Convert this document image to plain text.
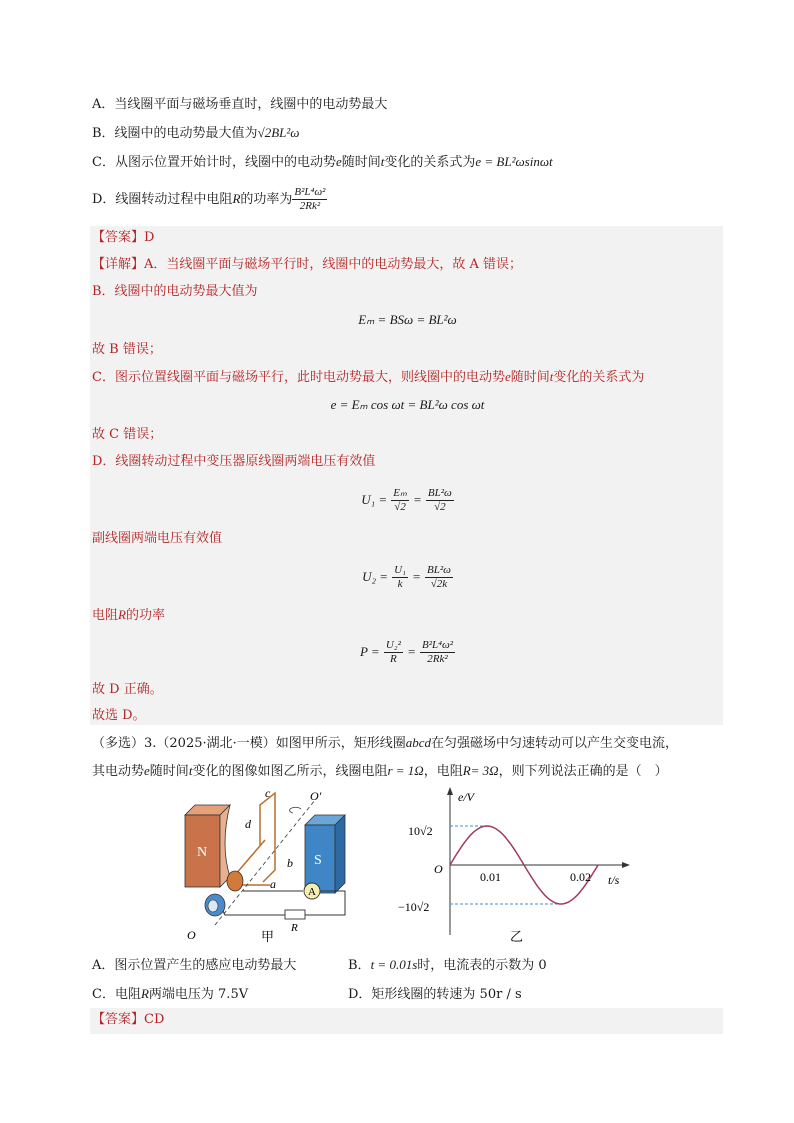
A．当线圈平面与磁场垂直时，线圈中的电动势最大
B．线圈中的电动势最大值为√2BL²ω
C．从图示位置开始计时，线圈中的电动势e随时间t变化的关系式为e = BL²ωsinωt
D．线圈转动过程中电阻R的功率为 $\frac{\text{B²L⁴ω²}}{\text{2Rk²}}$
【答案】D
【详解】A．当线圈平面与磁场平行时，线圈中的电动势最大，故 A 错误；
B．线圈中的电动势最大值为
Eₘ = BSω = BL²ω
故 B 错误；
C．图示位置线圈平面与磁场平行，此时电动势最大，则线圈中的电动势e随时间t变化的关系式为
e = Eₘ cos ωt = BL²ω cos ωt
故 C 错误；
D．线圈转动过程中变压器原线圈两端电压有效值
$U_1 = \frac{\text{Eₘ}}{√2} = \frac{\text{BL²ω}}{√2}$
副线圈两端电压有效值
$U_2 = \frac{\text{U₁}}{k} = \frac{\text{BL²ω}}{√2k}$
电阻R的功率
$P = \frac{\text{U₂²}}{R} = \frac{\text{B²L⁴ω²}}{\text{2Rk²}}$
故 D 正确。
故选 D。
（多选）3.（2025·湖北·一模）如图甲所示，矩形线圈abcd在匀强磁场中匀速转动可以产生交变电流，
其电动势e随时间t变化的图像如图乙所示，线圈电阻r = 1Ω，电阻R= 3Ω，则下列说法正确的是（　）
N
S
c
d
b
a
O′
A
R
O	甲
e/V
t/s
10√2
−10√2
O
0.01	0.02
乙
A．图示位置产生的感应电动势最大	B．t = 0.01s时，电流表的示数为 0
C．电阻R两端电压为 7.5V	D．矩形线圈的转速为 50r / s
【答案】CD
